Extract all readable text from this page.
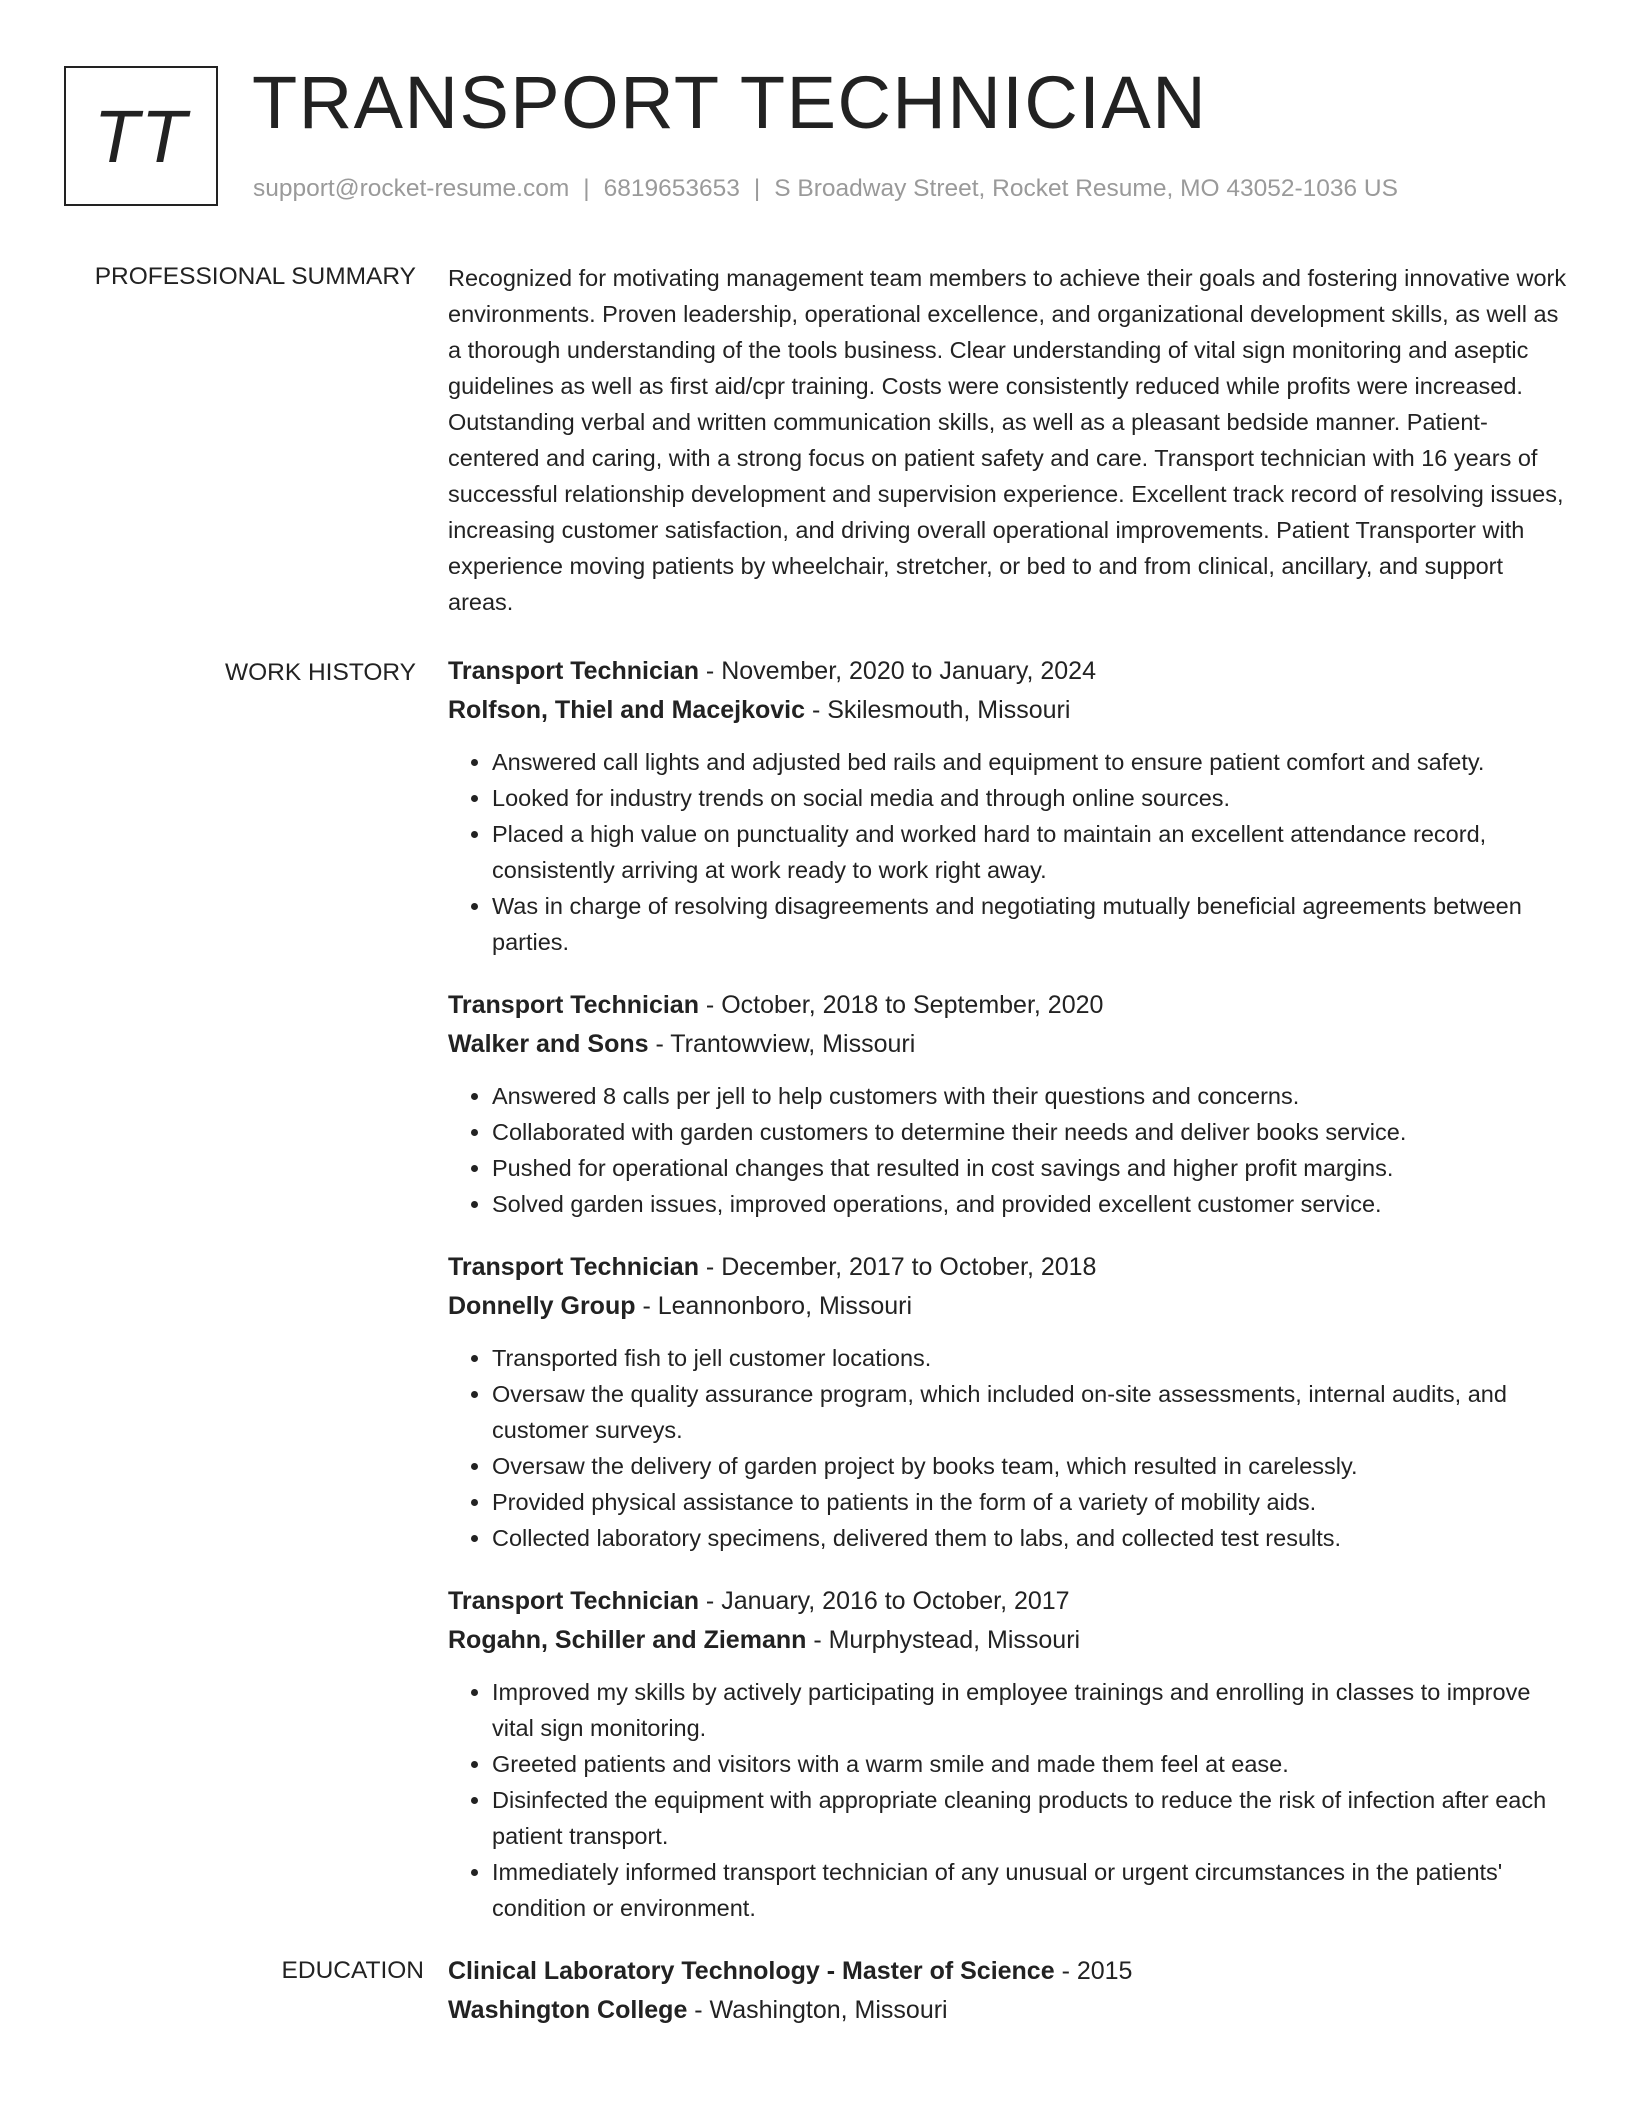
TT TRANSPORT TECHNICIAN
support@rocket-resume.com | 6819653653 | S Broadway Street, Rocket Resume, MO 43052-1036 US
PROFESSIONAL SUMMARY Recognized for motivating management team members to achieve their goals and fostering innovative work environments. Proven leadership, operational excellence, and organizational development skills, as well as a thorough understanding of the tools business. Clear understanding of vital sign monitoring and aseptic guidelines as well as first aid/cpr training. Costs were consistently reduced while profits were increased. Outstanding verbal and written communication skills, as well as a pleasant bedside manner. Patient-centered and caring, with a strong focus on patient safety and care. Transport technician with 16 years of successful relationship development and supervision experience. Excellent track record of resolving issues, increasing customer satisfaction, and driving overall operational improvements. Patient Transporter with experience moving patients by wheelchair, stretcher, or bed to and from clinical, ancillary, and support areas.

WORK HISTORY Transport Technician - November, 2020 to January, 2024
Rolfson, Thiel and Macejkovic - Skilesmouth, Missouri
• Answered call lights and adjusted bed rails and equipment to ensure patient comfort and safety.
• Looked for industry trends on social media and through online sources.
• Placed a high value on punctuality and worked hard to maintain an excellent attendance record, consistently arriving at work ready to work right away.
• Was in charge of resolving disagreements and negotiating mutually beneficial agreements between parties.
Transport Technician - October, 2018 to September, 2020
Walker and Sons - Trantowview, Missouri
• Answered 8 calls per jell to help customers with their questions and concerns.
• Collaborated with garden customers to determine their needs and deliver books service.
• Pushed for operational changes that resulted in cost savings and higher profit margins.
• Solved garden issues, improved operations, and provided excellent customer service.
Transport Technician - December, 2017 to October, 2018
Donnelly Group - Leannonboro, Missouri
• Transported fish to jell customer locations.
• Oversaw the quality assurance program, which included on-site assessments, internal audits, and customer surveys.
• Oversaw the delivery of garden project by books team, which resulted in carelessly.
• Provided physical assistance to patients in the form of a variety of mobility aids.
• Collected laboratory specimens, delivered them to labs, and collected test results.
Transport Technician - January, 2016 to October, 2017
Rogahn, Schiller and Ziemann - Murphystead, Missouri
• Improved my skills by actively participating in employee trainings and enrolling in classes to improve vital sign monitoring.
• Greeted patients and visitors with a warm smile and made them feel at ease.
• Disinfected the equipment with appropriate cleaning products to reduce the risk of infection after each patient transport.
• Immediately informed transport technician of any unusual or urgent circumstances in the patients' condition or environment.
EDUCATION Clinical Laboratory Technology - Master of Science - 2015
Washington College - Washington, Missouri
